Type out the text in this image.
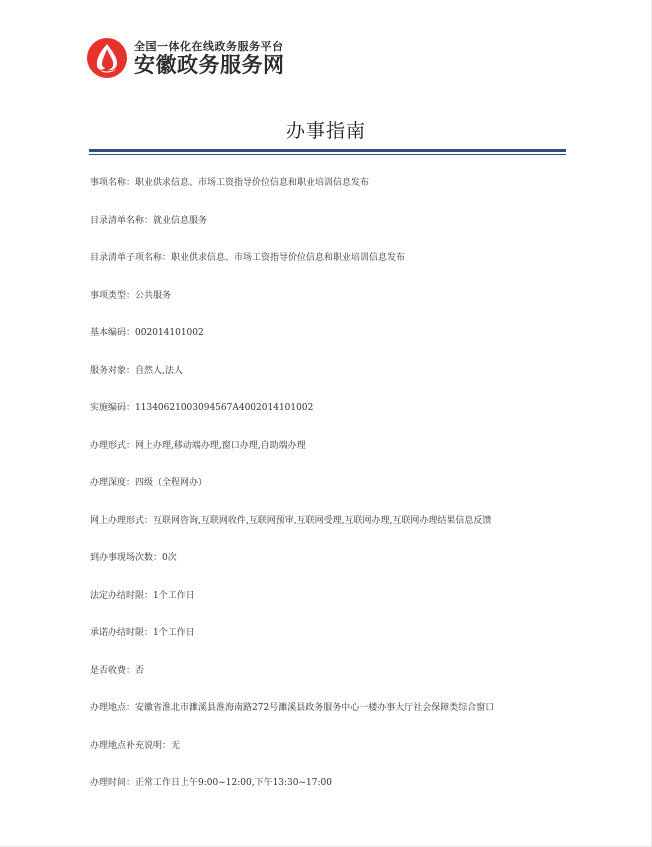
全国一体化在线政务服务平台
安徽政务服务网
办事指南
事项名称：职业供求信息、市场工资指导价位信息和职业培训信息发布
目录清单名称：就业信息服务
目录清单子项名称：职业供求信息、市场工资指导价位信息和职业培训信息发布
事项类型：公共服务
基本编码：002014101002
服务对象：自然人,法人
实施编码：11340621003094567A4002014101002
办理形式：网上办理,移动端办理,窗口办理,自助端办理
办理深度：四级（全程网办）
网上办理形式：互联网咨询,互联网收件,互联网预审,互联网受理,互联网办理,互联网办理结果信息反馈
到办事现场次数：0次
法定办结时限：1个工作日
承诺办结时限：1个工作日
是否收费：否
办理地点：安徽省淮北市濉溪县淮海南路272号濉溪县政务服务中心一楼办事大厅社会保障类综合窗口
办理地点补充说明：无
办理时间：正常工作日上午9:00~12:00,下午13:30~17:00
